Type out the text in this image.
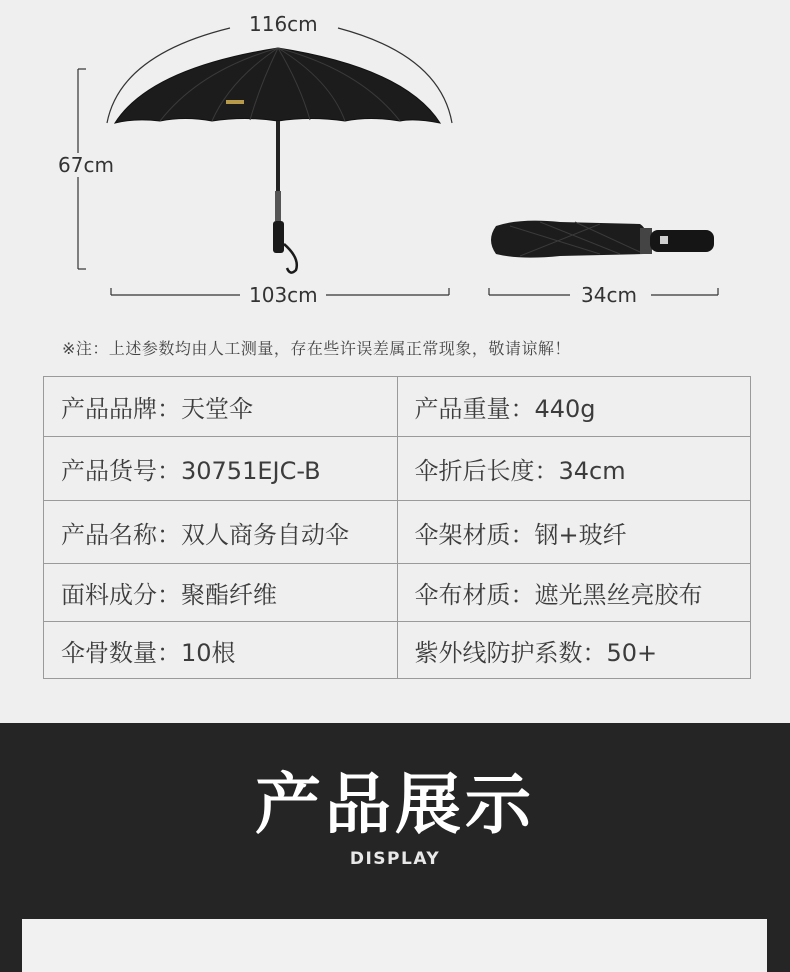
116cm
67cm
103cm	34cm
※注：上述参数均由人工测量，存在些许误差属正常现象，敬请谅解！
产品品牌：天堂伞	产品重量：440g
产品货号：30751EJC-B	伞折后长度：34cm
产品名称：双人商务自动伞	伞架材质：钢+玻纤
面料成分：聚酯纤维	伞布材质：遮光黑丝亮胶布
伞骨数量：10根	紫外线防护系数：50+
产品展示
DISPLAY
